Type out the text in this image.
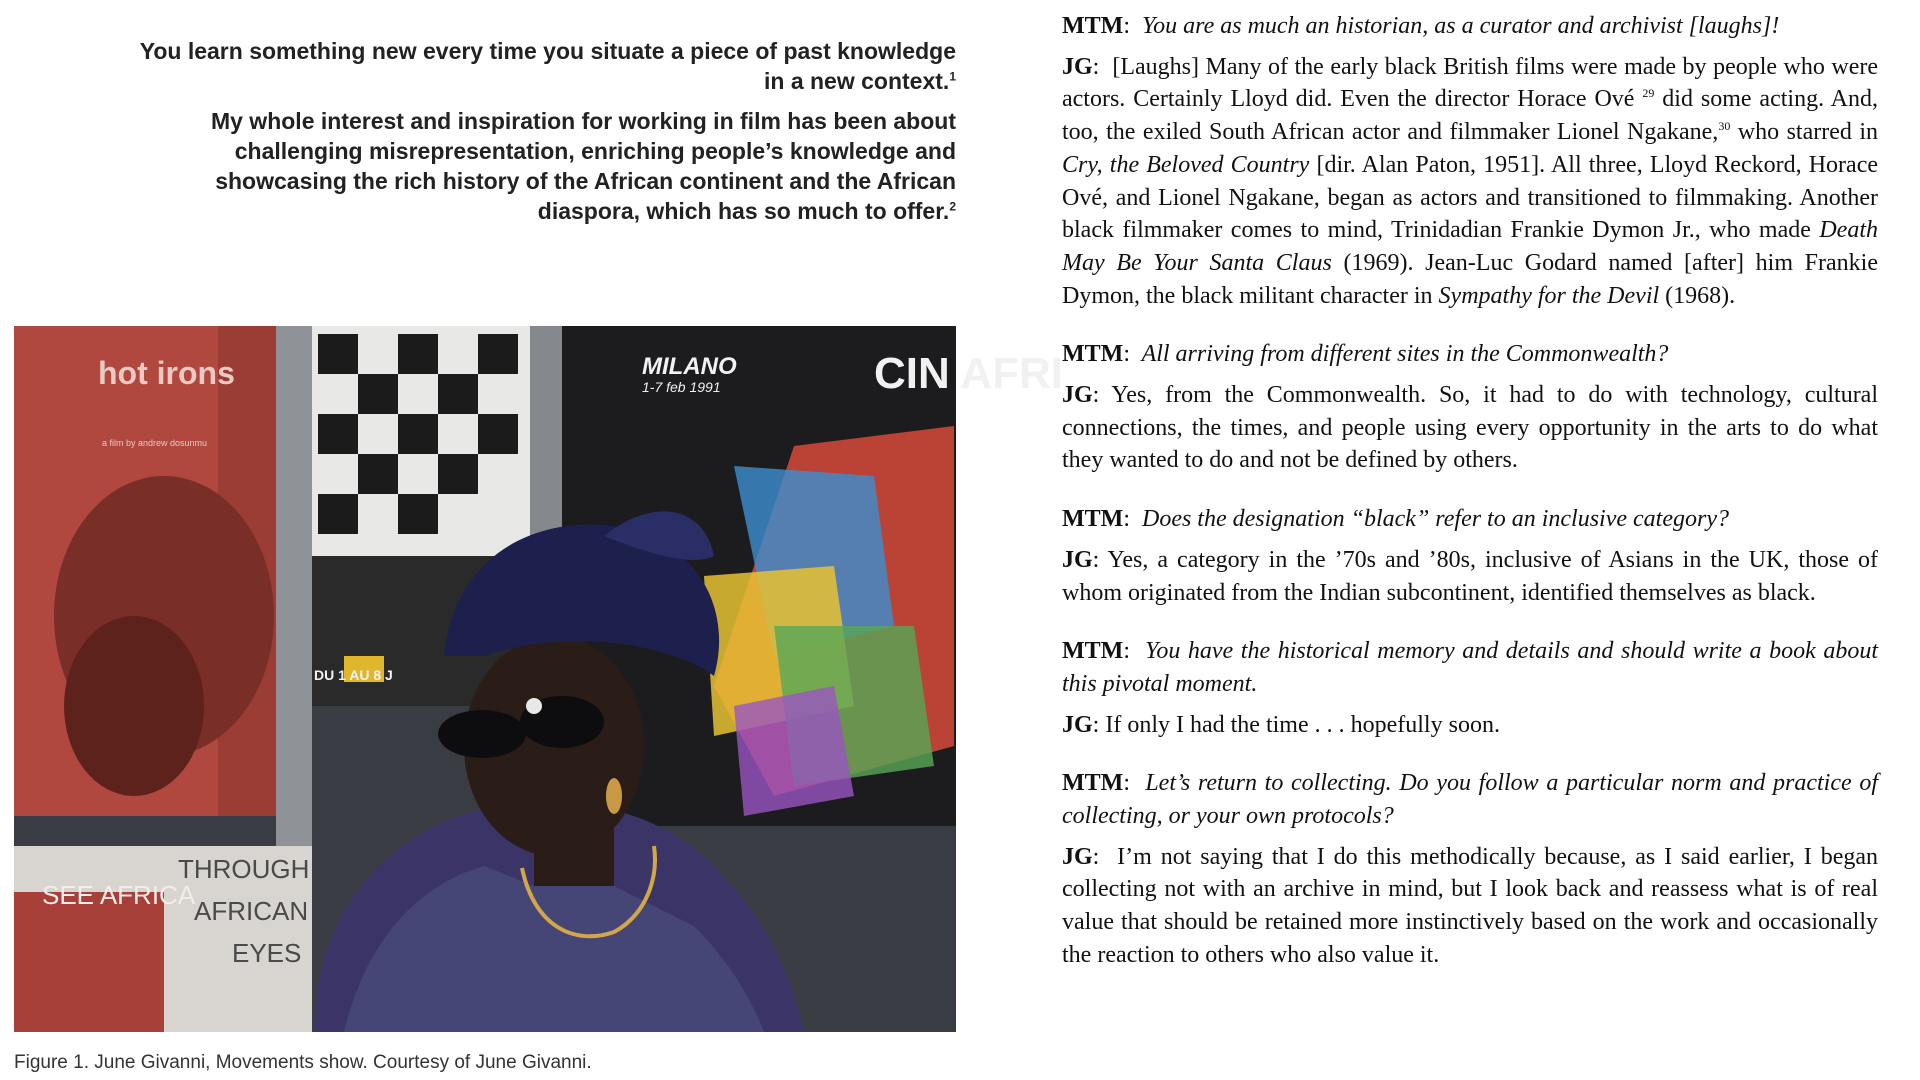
You learn something new every time you situate a piece of past knowledge in a new context.$^1$

My whole interest and inspiration for working in film has been about challenging misrepresentation, enriching people’s knowledge and showcasing the rich history of the African continent and the African diaspora, which has so much to offer.$^2$

hot irons
a film by andrew dosunmu
DU 1 AU 8 J
MILANO
1-7 feb 1991	CIN AFRI
SEE AFRICA
THROUGH
AFRICAN
EYES
Figure 1. June Givanni, Movements show. Courtesy of June Givanni.

MTM : You are as much an historian, as a curator and archivist [laughs]!

JG : [Laughs] Many of the early black British films were made by people who were actors. Certainly Lloyd did. Even the director Horace Ové $^{29}$ did some acting. And, too, the exiled South African actor and filmmaker Lionel Ngakane,$^{30}$ who starred in Cry, the Beloved Country [dir. Alan Paton, 1951]. All three, Lloyd Reckord, Horace Ové, and Lionel Ngakane, began as actors and transitioned to filmmaking. Another black filmmaker comes to mind, Trinidadian Frankie Dymon Jr., who made Death May Be Your Santa Claus (1969). Jean-Luc Godard named [after] him Frankie Dymon, the black militant character in Sympathy for the Devil (1968).

MTM : All arriving from different sites in the Commonwealth?

JG : Yes, from the Commonwealth. So, it had to do with technology, cultural connections, the times, and people using every opportunity in the arts to do what they wanted to do and not be defined by others.

MTM : Does the designation “black” refer to an inclusive category?

JG : Yes, a category in the ’70s and ’80s, inclusive of Asians in the UK, those of whom originated from the Indian subcontinent, identified themselves as black.

MTM : You have the historical memory and details and should write a book about this pivotal moment.

JG : If only I had the time . . . hopefully soon.

MTM : Let’s return to collecting. Do you follow a particular norm and practice of collecting, or your own protocols?

JG : I’m not saying that I do this methodically because, as I said earlier, I began collecting not with an archive in mind, but I look back and reassess what is of real value that should be retained more instinctively based on the work and occasionally the reaction to others who also value it.
